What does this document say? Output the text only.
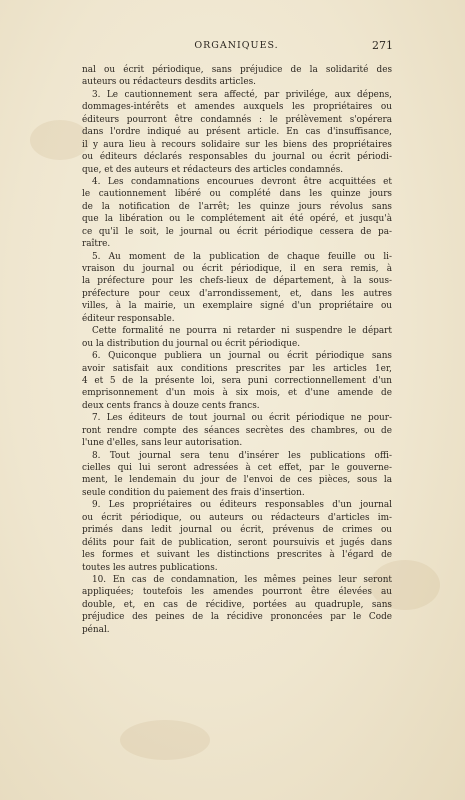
ORGANIQUES.	271
nal ou écrit périodique, sans préjudice de la solidarité des
auteurs ou rédacteurs desdits articles.
3. Le cautionnement sera affecté, par privilége, aux dépens,
dommages-intérêts et amendes auxquels les propriétaires ou
éditeurs pourront être condamnés : le prélèvement s'opérera
dans l'ordre indiqué au présent article. En cas d'insuffisance,
il y aura lieu à recours solidaire sur les biens des propriétaires
ou éditeurs déclarés responsables du journal ou écrit périodi-
que, et des auteurs et rédacteurs des articles condamnés.
4. Les condamnations encourues devront être acquittées et
le cautionnement libéré ou complété dans les quinze jours
de la notification de l'arrêt; les quinze jours révolus sans
que la libération ou le complétement ait été opéré, et jusqu'à
ce qu'il le soit, le journal ou écrit périodique cessera de pa-
raître.
5. Au moment de la publication de chaque feuille ou li-
vraison du journal ou écrit périodique, il en sera remis, à
la préfecture pour les chefs-lieux de département, à la sous-
préfecture pour ceux d'arrondissement, et, dans les autres
villes, à la mairie, un exemplaire signé d'un propriétaire ou
éditeur responsable.
Cette formalité ne pourra ni retarder ni suspendre le départ
ou la distribution du journal ou écrit périodique.
6. Quiconque publiera un journal ou écrit périodique sans
avoir satisfait aux conditions prescrites par les articles 1er,
4 et 5 de la présente loi, sera puni correctionnellement d'un
emprisonnement d'un mois à six mois, et d'une amende de
deux cents francs à douze cents francs.
7. Les éditeurs de tout journal ou écrit périodique ne pour-
ront rendre compte des séances secrètes des chambres, ou de
l'une d'elles, sans leur autorisation.
8. Tout journal sera tenu d'insérer les publications offi-
cielles qui lui seront adressées à cet effet, par le gouverne-
ment, le lendemain du jour de l'envoi de ces pièces, sous la
seule condition du paiement des frais d'insertion.
9. Les propriétaires ou éditeurs responsables d'un journal
ou écrit périodique, ou auteurs ou rédacteurs d'articles im-
primés dans ledit journal ou écrit, prévenus de crimes ou
délits pour fait de publication, seront poursuivis et jugés dans
les formes et suivant les distinctions prescrites à l'égard de
toutes les autres publications.
10. En cas de condamnation, les mêmes peines leur seront
appliquées; toutefois les amendes pourront être élevées au
double, et, en cas de récidive, portées au quadruple, sans
préjudice des peines de la récidive prononcées par le Code
pénal.
